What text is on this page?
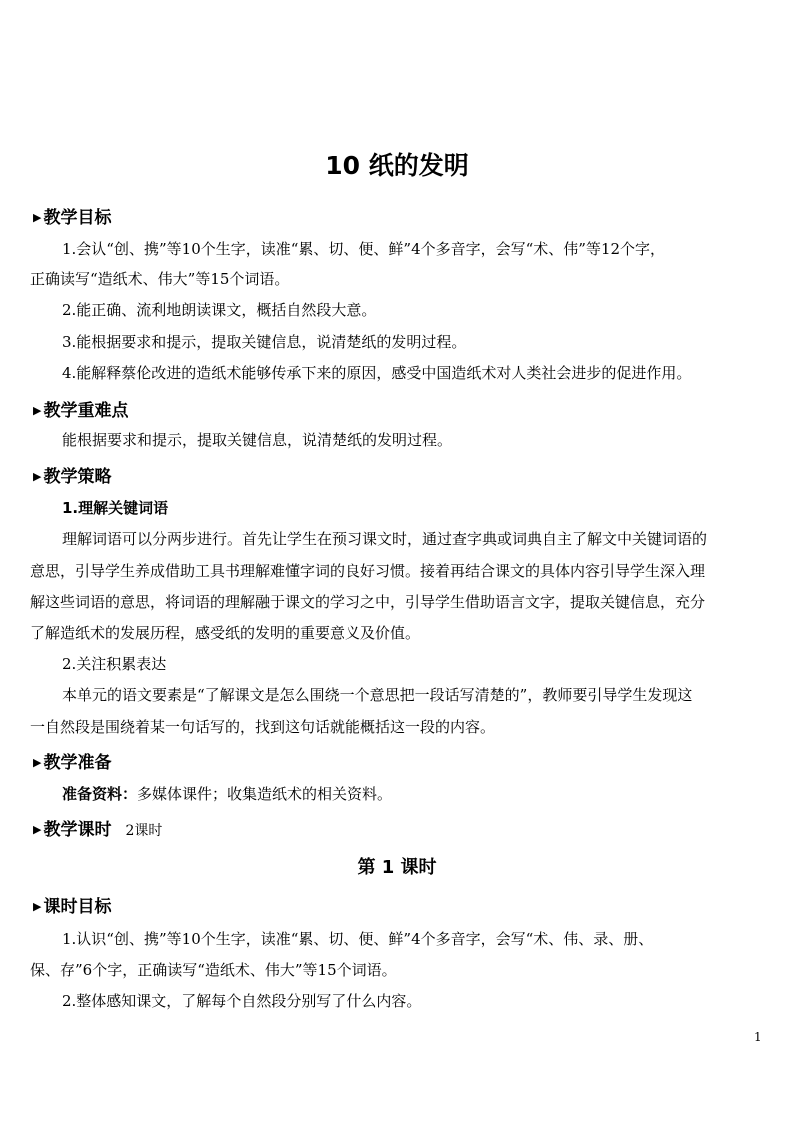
10 纸的发明
▶ 教学目标
1.会认“创、携”等10个生字，读准“累、切、便、鲜”4个多音字，会写“术、伟”等12个字，
正确读写“造纸术、伟大”等15个词语。
2.能正确、流利地朗读课文，概括自然段大意。
3.能根据要求和提示，提取关键信息，说清楚纸的发明过程。
4.能解释蔡伦改进的造纸术能够传承下来的原因，感受中国造纸术对人类社会进步的促进作用。
▶ 教学重难点
能根据要求和提示，提取关键信息，说清楚纸的发明过程。
▶ 教学策略
1.理解关键词语
理解词语可以分两步进行。首先让学生在预习课文时，通过查字典或词典自主了解文中关键词语的
意思，引导学生养成借助工具书理解难懂字词的良好习惯。接着再结合课文的具体内容引导学生深入理
解这些词语的意思，将词语的理解融于课文的学习之中，引导学生借助语言文字，提取关键信息，充分
了解造纸术的发展历程，感受纸的发明的重要意义及价值。
2.关注积累表达
本单元的语文要素是“了解课文是怎么围绕一个意思把一段话写清楚的”，教师要引导学生发现这
一自然段是围绕着某一句话写的，找到这句话就能概括这一段的内容。
▶ 教学准备
准备资料：多媒体课件；收集造纸术的相关资料。
▶ 教学课时 2课时
第 1 课时
▶ 课时目标
1.认识“创、携”等10个生字，读准“累、切、便、鲜”4个多音字，会写“术、伟、录、册、
保、存”6个字，正确读写“造纸术、伟大”等15个词语。
2.整体感知课文，了解每个自然段分别写了什么内容。
1
